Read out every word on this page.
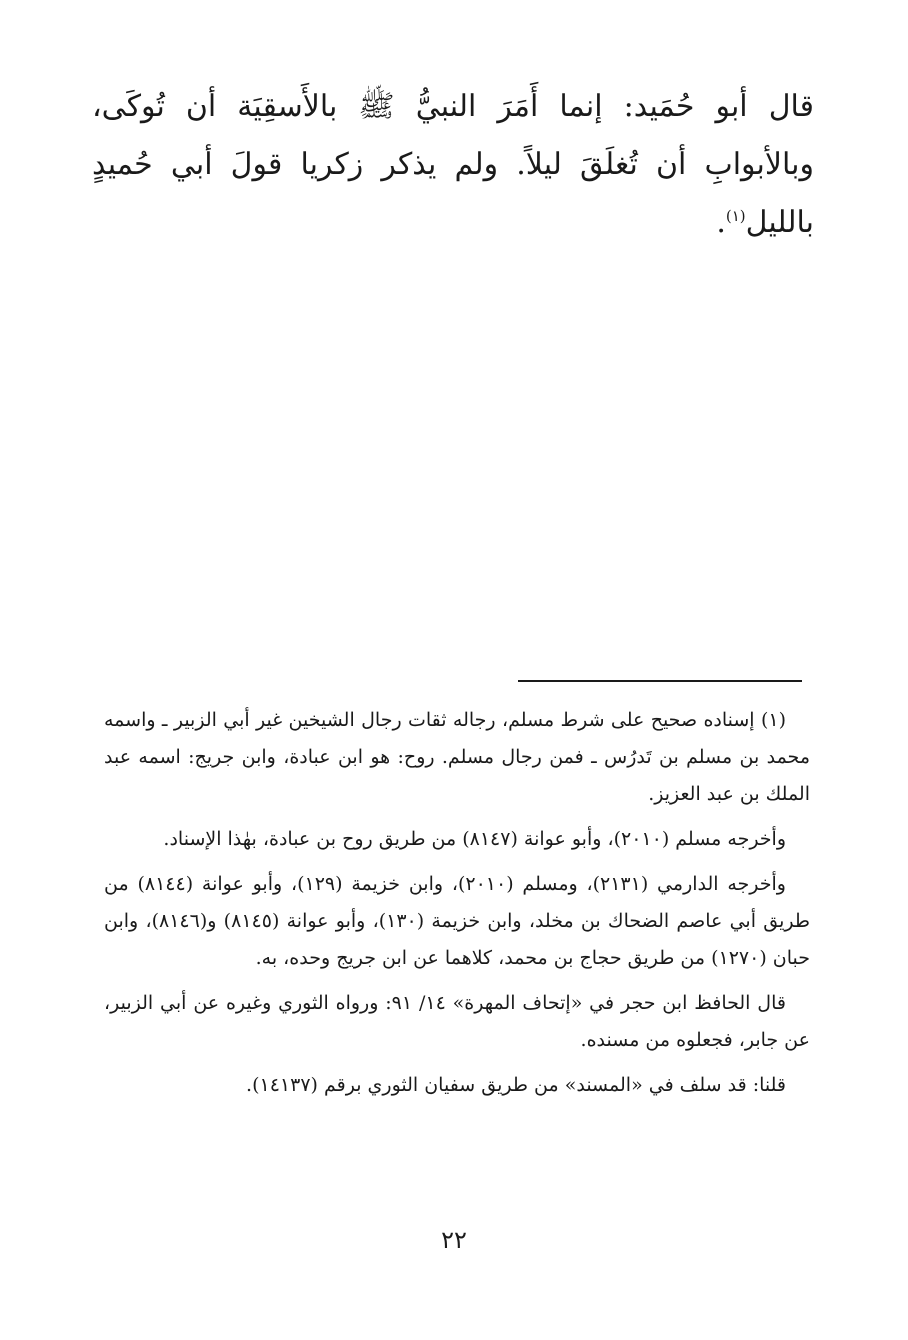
قال أبو حُمَيد: إنما أَمَرَ النبيُّ ﷺ بالأَسقِيَة أن تُوكَى، وبالأبوابِ أن تُغلَقَ ليلاً. ولم يذكر زكريا قولَ أبي حُميدٍ بالليل$^{(١)}$.

(١) إسناده صحيح على شرط مسلم، رجاله ثقات رجال الشيخين غير أبي الزبير ـ واسمه محمد بن مسلم بن تَدرُس ـ فمن رجال مسلم. روح: هو ابن عبادة، وابن جريج: اسمه عبد الملك بن عبد العزيز.

وأخرجه مسلم (٢٠١٠)، وأبو عوانة (٨١٤٧) من طريق روح بن عبادة، بهٰذا الإسناد.

وأخرجه الدارمي (٢١٣١)، ومسلم (٢٠١٠)، وابن خزيمة (١٢٩)، وأبو عوانة (٨١٤٤) من طريق أبي عاصم الضحاك بن مخلد، وابن خزيمة (١٣٠)، وأبو عوانة (٨١٤٥) و(٨١٤٦)، وابن حبان (١٢٧٠) من طريق حجاج بن محمد، كلاهما عن ابن جريج وحده، به.

قال الحافظ ابن حجر في «إتحاف المهرة» ١٤/ ٩١: ورواه الثوري وغيره عن أبي الزبير، عن جابر، فجعلوه من مسنده.

قلنا: قد سلف في «المسند» من طريق سفيان الثوري برقم (١٤١٣٧).

٢٢
